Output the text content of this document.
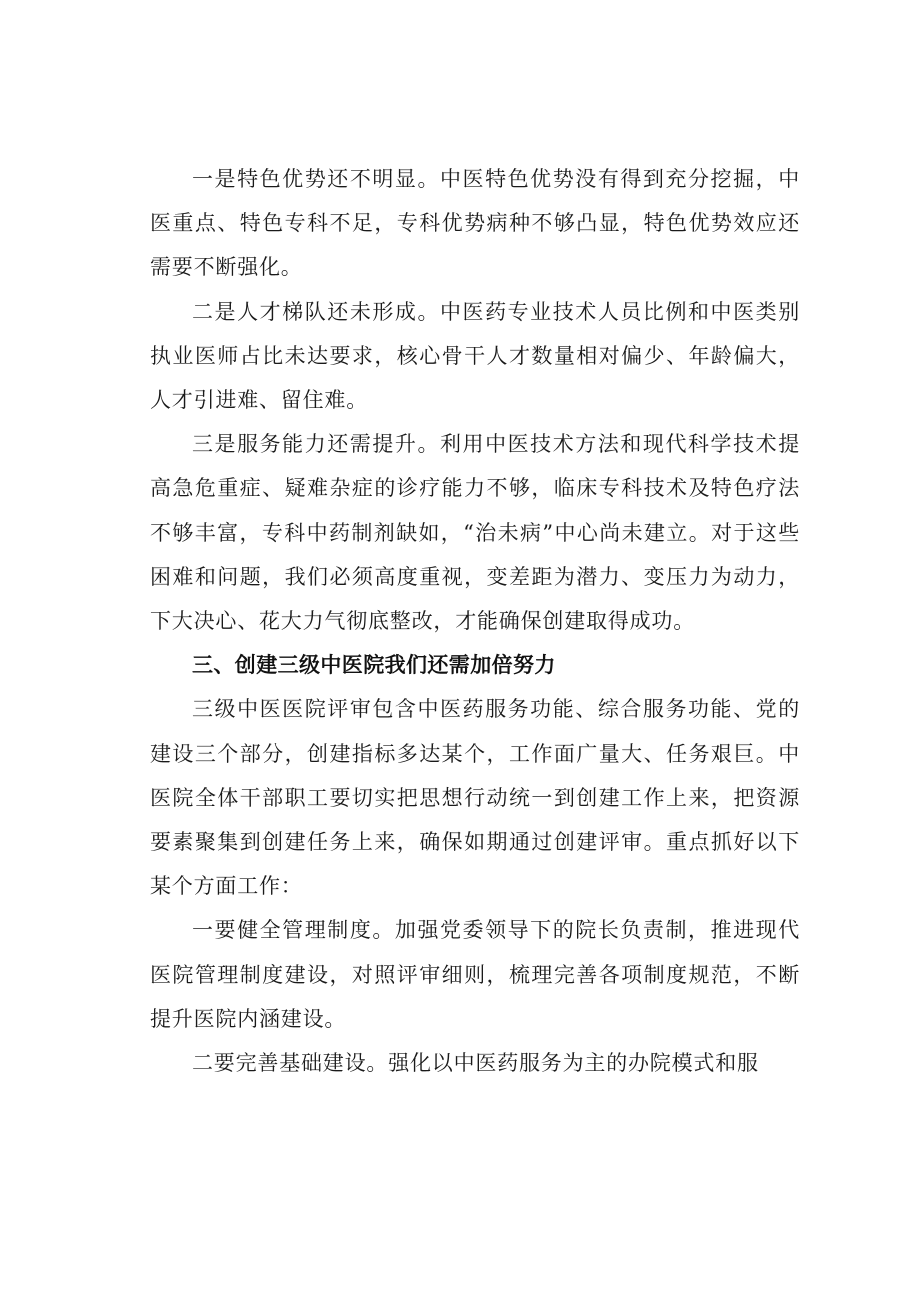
一是特色优势还不明显。中医特色优势没有得到充分挖掘，中医重点、特色专科不足，专科优势病种不够凸显，特色优势效应还需要不断强化。

二是人才梯队还未形成。中医药专业技术人员比例和中医类别执业医师占比未达要求，核心骨干人才数量相对偏少、年龄偏大，人才引进难、留住难。

三是服务能力还需提升。利用中医技术方法和现代科学技术提高急危重症、疑难杂症的诊疗能力不够，临床专科技术及特色疗法不够丰富，专科中药制剂缺如，“治未病”中心尚未建立。对于这些困难和问题，我们必须高度重视，变差距为潜力、变压力为动力，下大决心、花大力气彻底整改，才能确保创建取得成功。

三、创建三级中医院我们还需加倍努力

三级中医医院评审包含中医药服务功能、综合服务功能、党的建设三个部分，创建指标多达某个，工作面广量大、任务艰巨。中医院全体干部职工要切实把思想行动统一到创建工作上来，把资源要素聚集到创建任务上来，确保如期通过创建评审。重点抓好以下某个方面工作：

一要健全管理制度。加强党委领导下的院长负责制，推进现代医院管理制度建设，对照评审细则，梳理完善各项制度规范，不断提升医院内涵建设。

二要完善基础建设。强化以中医药服务为主的办院模式和服
